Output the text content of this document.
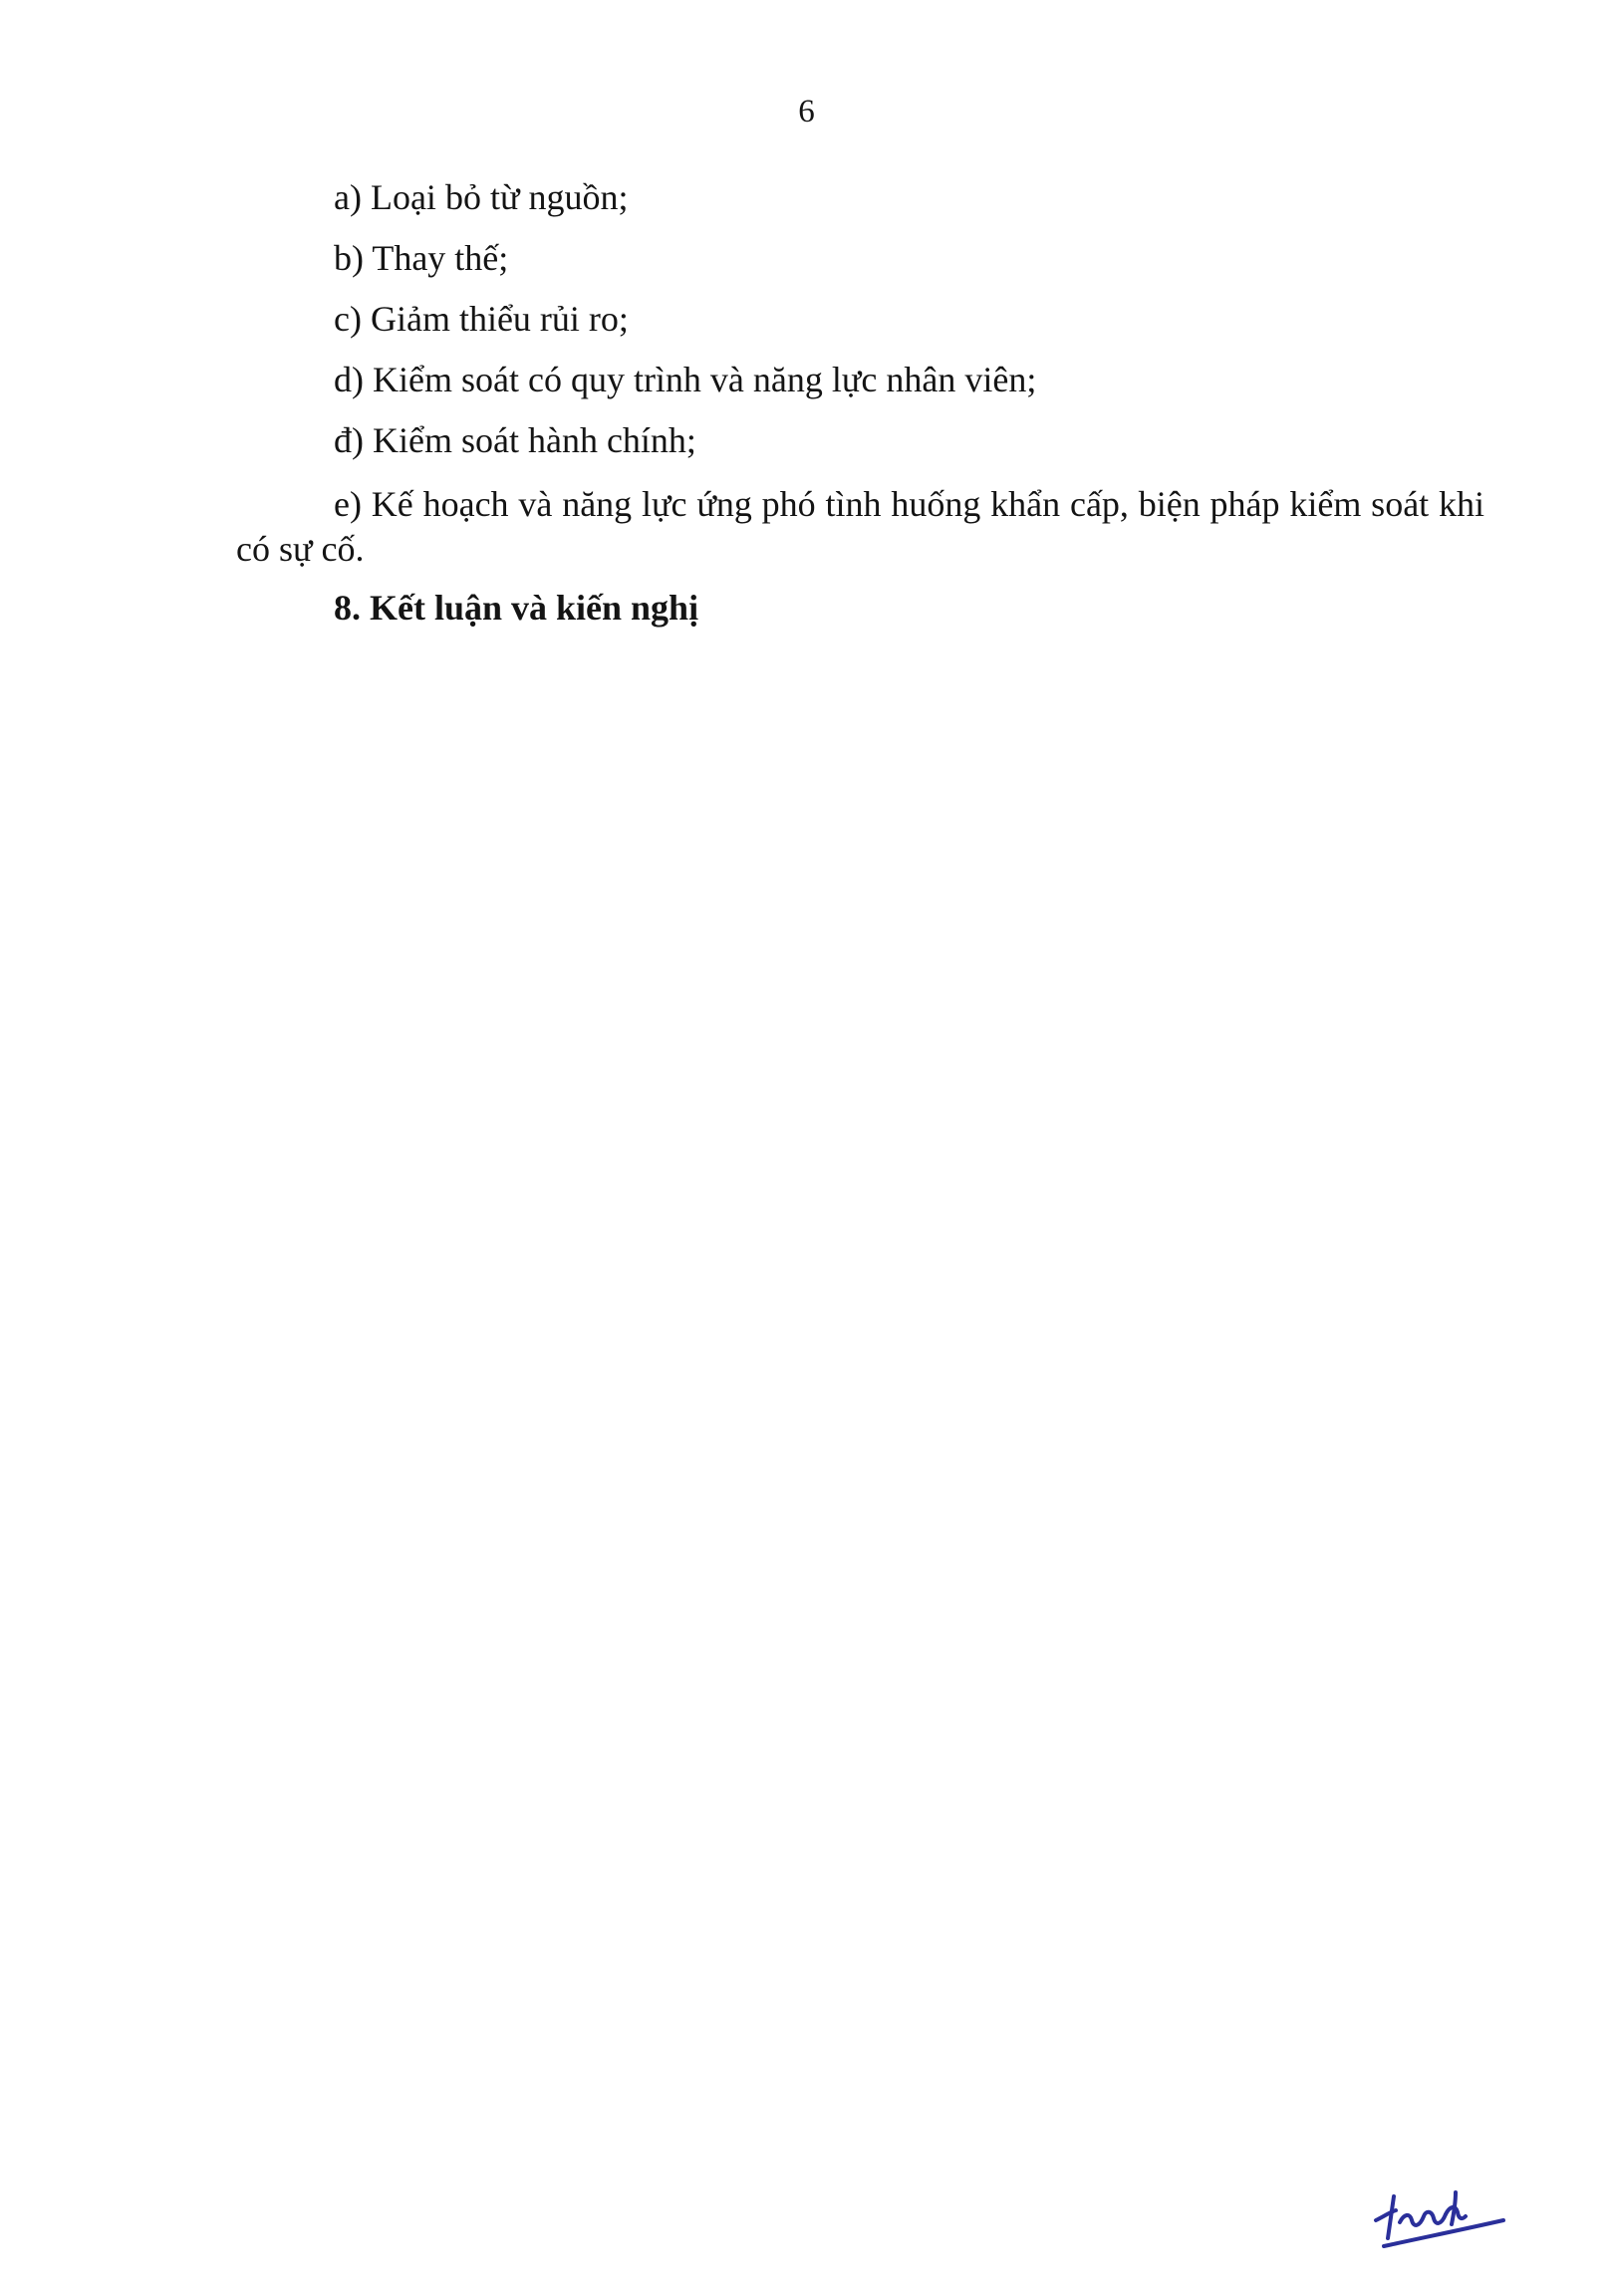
6

a) Loại bỏ từ nguồn;

b) Thay thế;

c) Giảm thiểu rủi ro;

d) Kiểm soát có quy trình và năng lực nhân viên;

đ) Kiểm soát hành chính;

e) Kế hoạch và năng lực ứng phó tình huống khẩn cấp, biện pháp kiểm soát khi có sự cố.

8. Kết luận và kiến nghị
